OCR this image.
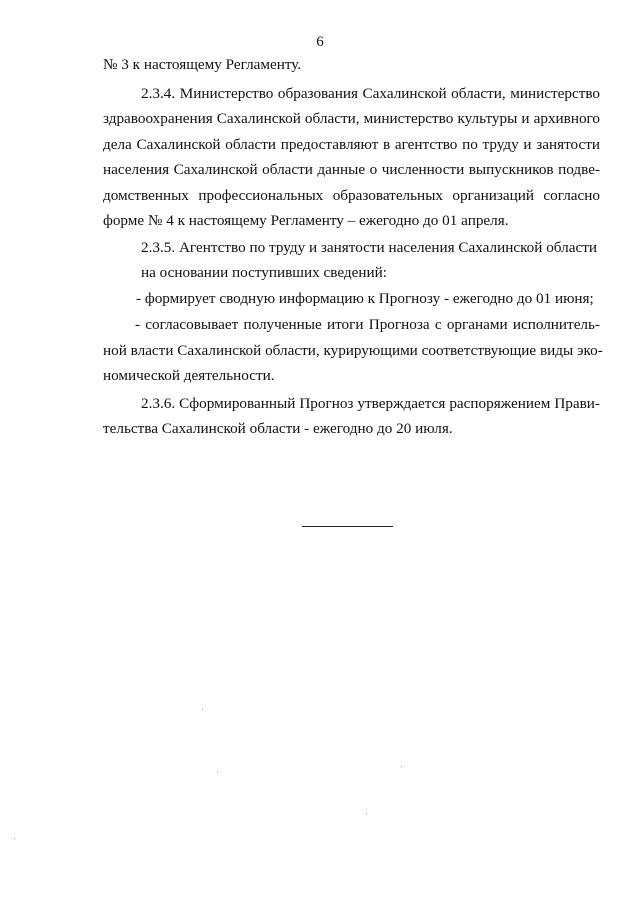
6
№ 3 к настоящему Регламенту.
2.3.4. Министерство образования Сахалинской области, министерство
здравоохранения Сахалинской области, министерство культуры и архивного
дела Сахалинской области предоставляют в агентство по труду и занятости
населения Сахалинской области данные о численности выпускников подве-
домственных профессиональных образовательных организаций согласно
форме № 4 к настоящему Регламенту – ежегодно до 01 апреля.
2.3.5. Агентство по труду и занятости населения Сахалинской области
на основании поступивших сведений:
- формирует сводную информацию к Прогнозу - ежегодно до 01 июня;
- согласовывает полученные итоги Прогноза с органами исполнитель-
ной власти Сахалинской области, курирующими соответствующие виды эко-
номической деятельности.
2.3.6. Сформированный Прогноз утверждается распоряжением Прави-
тельства Сахалинской области - ежегодно до 20 июля.
